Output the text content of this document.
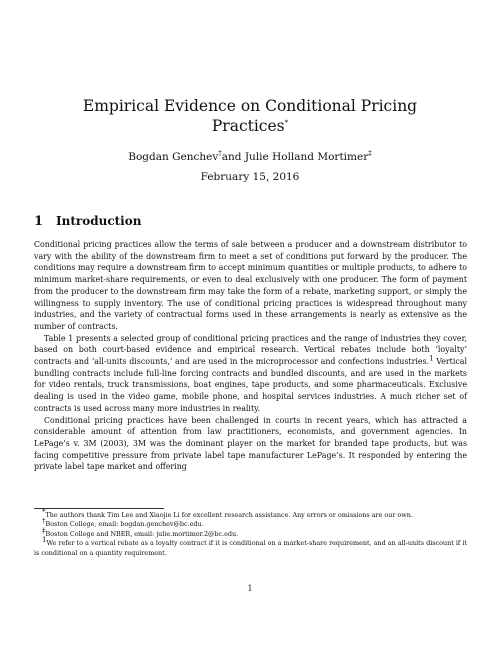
Empirical Evidence on Conditional Pricing
Practices*
Bogdan Genchev†and Julie Holland Mortimer‡
February 15, 2016
1 Introduction

Conditional pricing practices allow the terms of sale between a producer and a downstream distributor to vary with the ability of the downstream firm to meet a set of conditions put forward by the producer. The conditions may require a downstream firm to accept minimum quantities or multiple products, to adhere to minimum market-share requirements, or even to deal exclusively with one producer. The form of payment from the producer to the downstream firm may take the form of a rebate, marketing support, or simply the willingness to supply inventory. The use of conditional pricing practices is widespread throughout many industries, and the variety of contractual forms used in these arrangements is nearly as extensive as the number of contracts.

Table 1 presents a selected group of conditional pricing practices and the range of industries they cover, based on both court-based evidence and empirical research. Vertical rebates include both ‘loyalty’ contracts and ‘all-units discounts,’ and are used in the microprocessor and confections industries.$^1$ Vertical bundling contracts include full-line forcing contracts and bundled discounts, and are used in the markets for video rentals, truck transmissions, boat engines, tape products, and some pharmaceuticals. Exclusive dealing is used in the video game, mobile phone, and hospital services industries. A much richer set of contracts is used across many more industries in reality.

Conditional pricing practices have been challenged in courts in recent years, which has attracted a considerable amount of attention from law practitioners, economists, and government agencies. In LePage’s v. 3M (2003), 3M was the dominant player on the market for branded tape products, but was facing competitive pressure from private label tape manufacturer LePage’s. It responded by entering the private label tape market and offering

*The authors thank Tim Lee and Xiaojie Li for excellent research assistance. Any errors or omissions are our own.

†Boston College, email: bogdan.genchev@bc.edu.

‡Boston College and NBER, email: julie.mortimer.2@bc.edu.

$^1$We refer to a vertical rebate as a loyalty contract if it is conditional on a market-share requirement, and an all-units discount if it is conditional on a quantity requirement.

1
